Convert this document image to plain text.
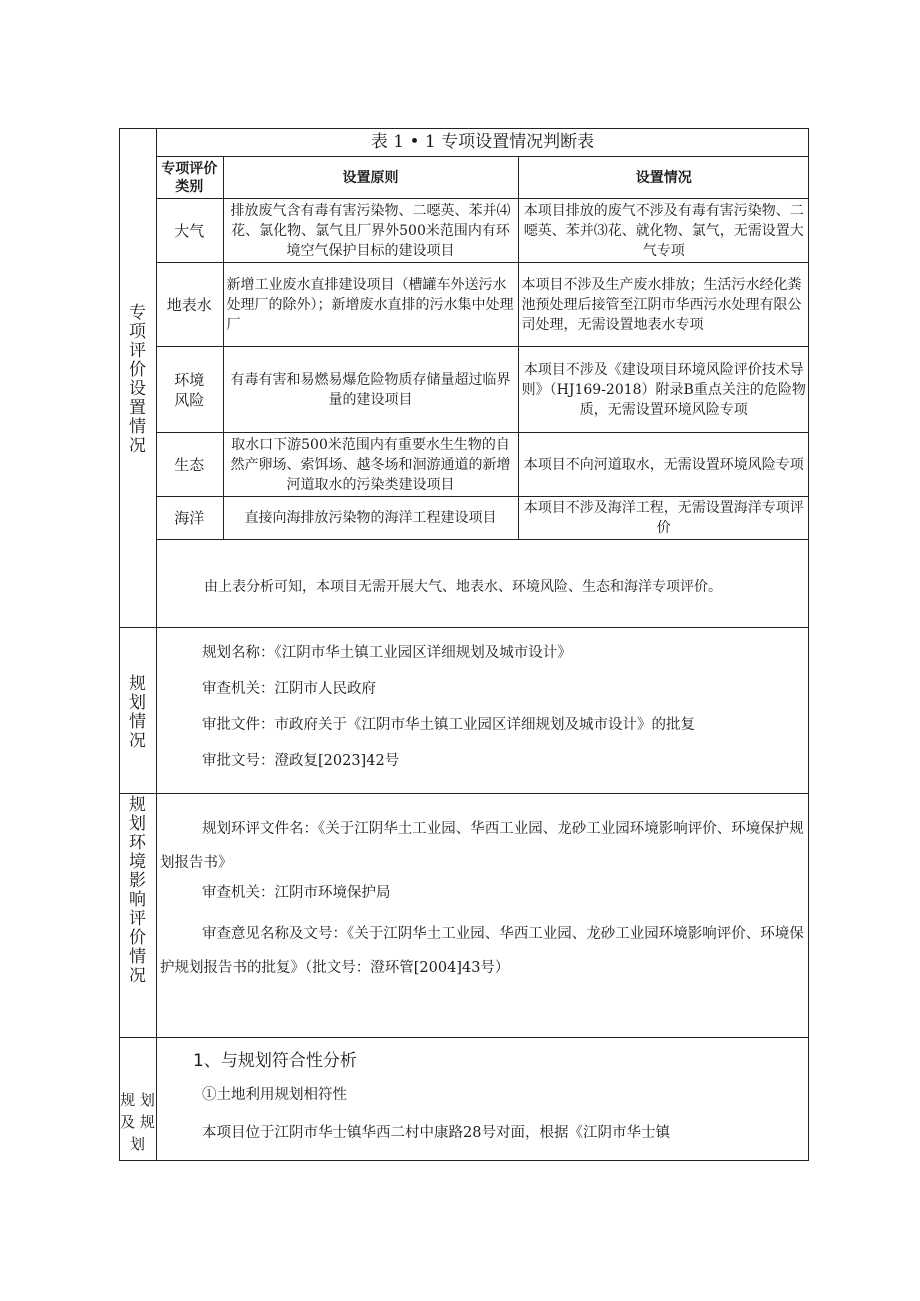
专
项
评
价
设
置
情
况
规
划
情
况
规
划
环
境
影
响
评
价
情
况
规 划
及 规
划
表 1 • 1 专项设置情况判断表		
专项评价类别	设置原则	设置情况
大气	排放废气含有毒有害污染物、二噁英、苯并⑷花、氯化物、氯气且厂界外500米范围内有环境空气保护目标的建设项目	本项目排放的废气不涉及有毒有害污染物、二噁英、苯并⑶花、就化物、氯气，无需设置大气专项
地表水	新增工业废水直排建设项目（槽罐车外送污水处理厂的除外）；新增废水直排的污水集中处理厂	本项目不涉及生产废水排放；生活污水经化粪池预处理后接管至江阴市华西污水处理有限公司处理，无需设置地表水专项
环境风险	有毒有害和易燃易爆危险物质存储量超过临界量的建设项目	本项目不涉及《建设项目环境风险评价技术导则》（HJ169-2018）附录B重点关注的危险物质，无需设置环境风险专项
生态	取水口下游500米范围内有重要水生生物的自然产卵场、索饵场、越冬场和洄游通道的新增河道取水的污染类建设项目	本项目不向河道取水，无需设置环境风险专项
海洋	直接向海排放污染物的海洋工程建设项目	本项目不涉及海洋工程，无需设置海洋专项评价

由上表分析可知，本项目无需开展大气、地表水、环境风险、生态和海洋专项评价。

规划名称：《江阴市华土镇工业园区详细规划及城市设计》

审查机关：江阴市人民政府

审批文件：市政府关于《江阴市华土镇工业园区详细规划及城市设计》的批复

审批文号：澄政复[2023]42号

规划环评文件名：《关于江阴华土工业园、华西工业园、龙砂工业园环境影响评价、环境保护规划报告书》

审查机关：江阴市环境保护局

审查意见名称及文号：《关于江阴华土工业园、华西工业园、龙砂工业园环境影响评价、环境保护规划报告书的批复》（批文号：澄环管[2004]43号）

1、与规划符合性分析

①土地利用规划相符性

本项目位于江阴市华士镇华西二村中康路28号对面，根据《江阴市华士镇
